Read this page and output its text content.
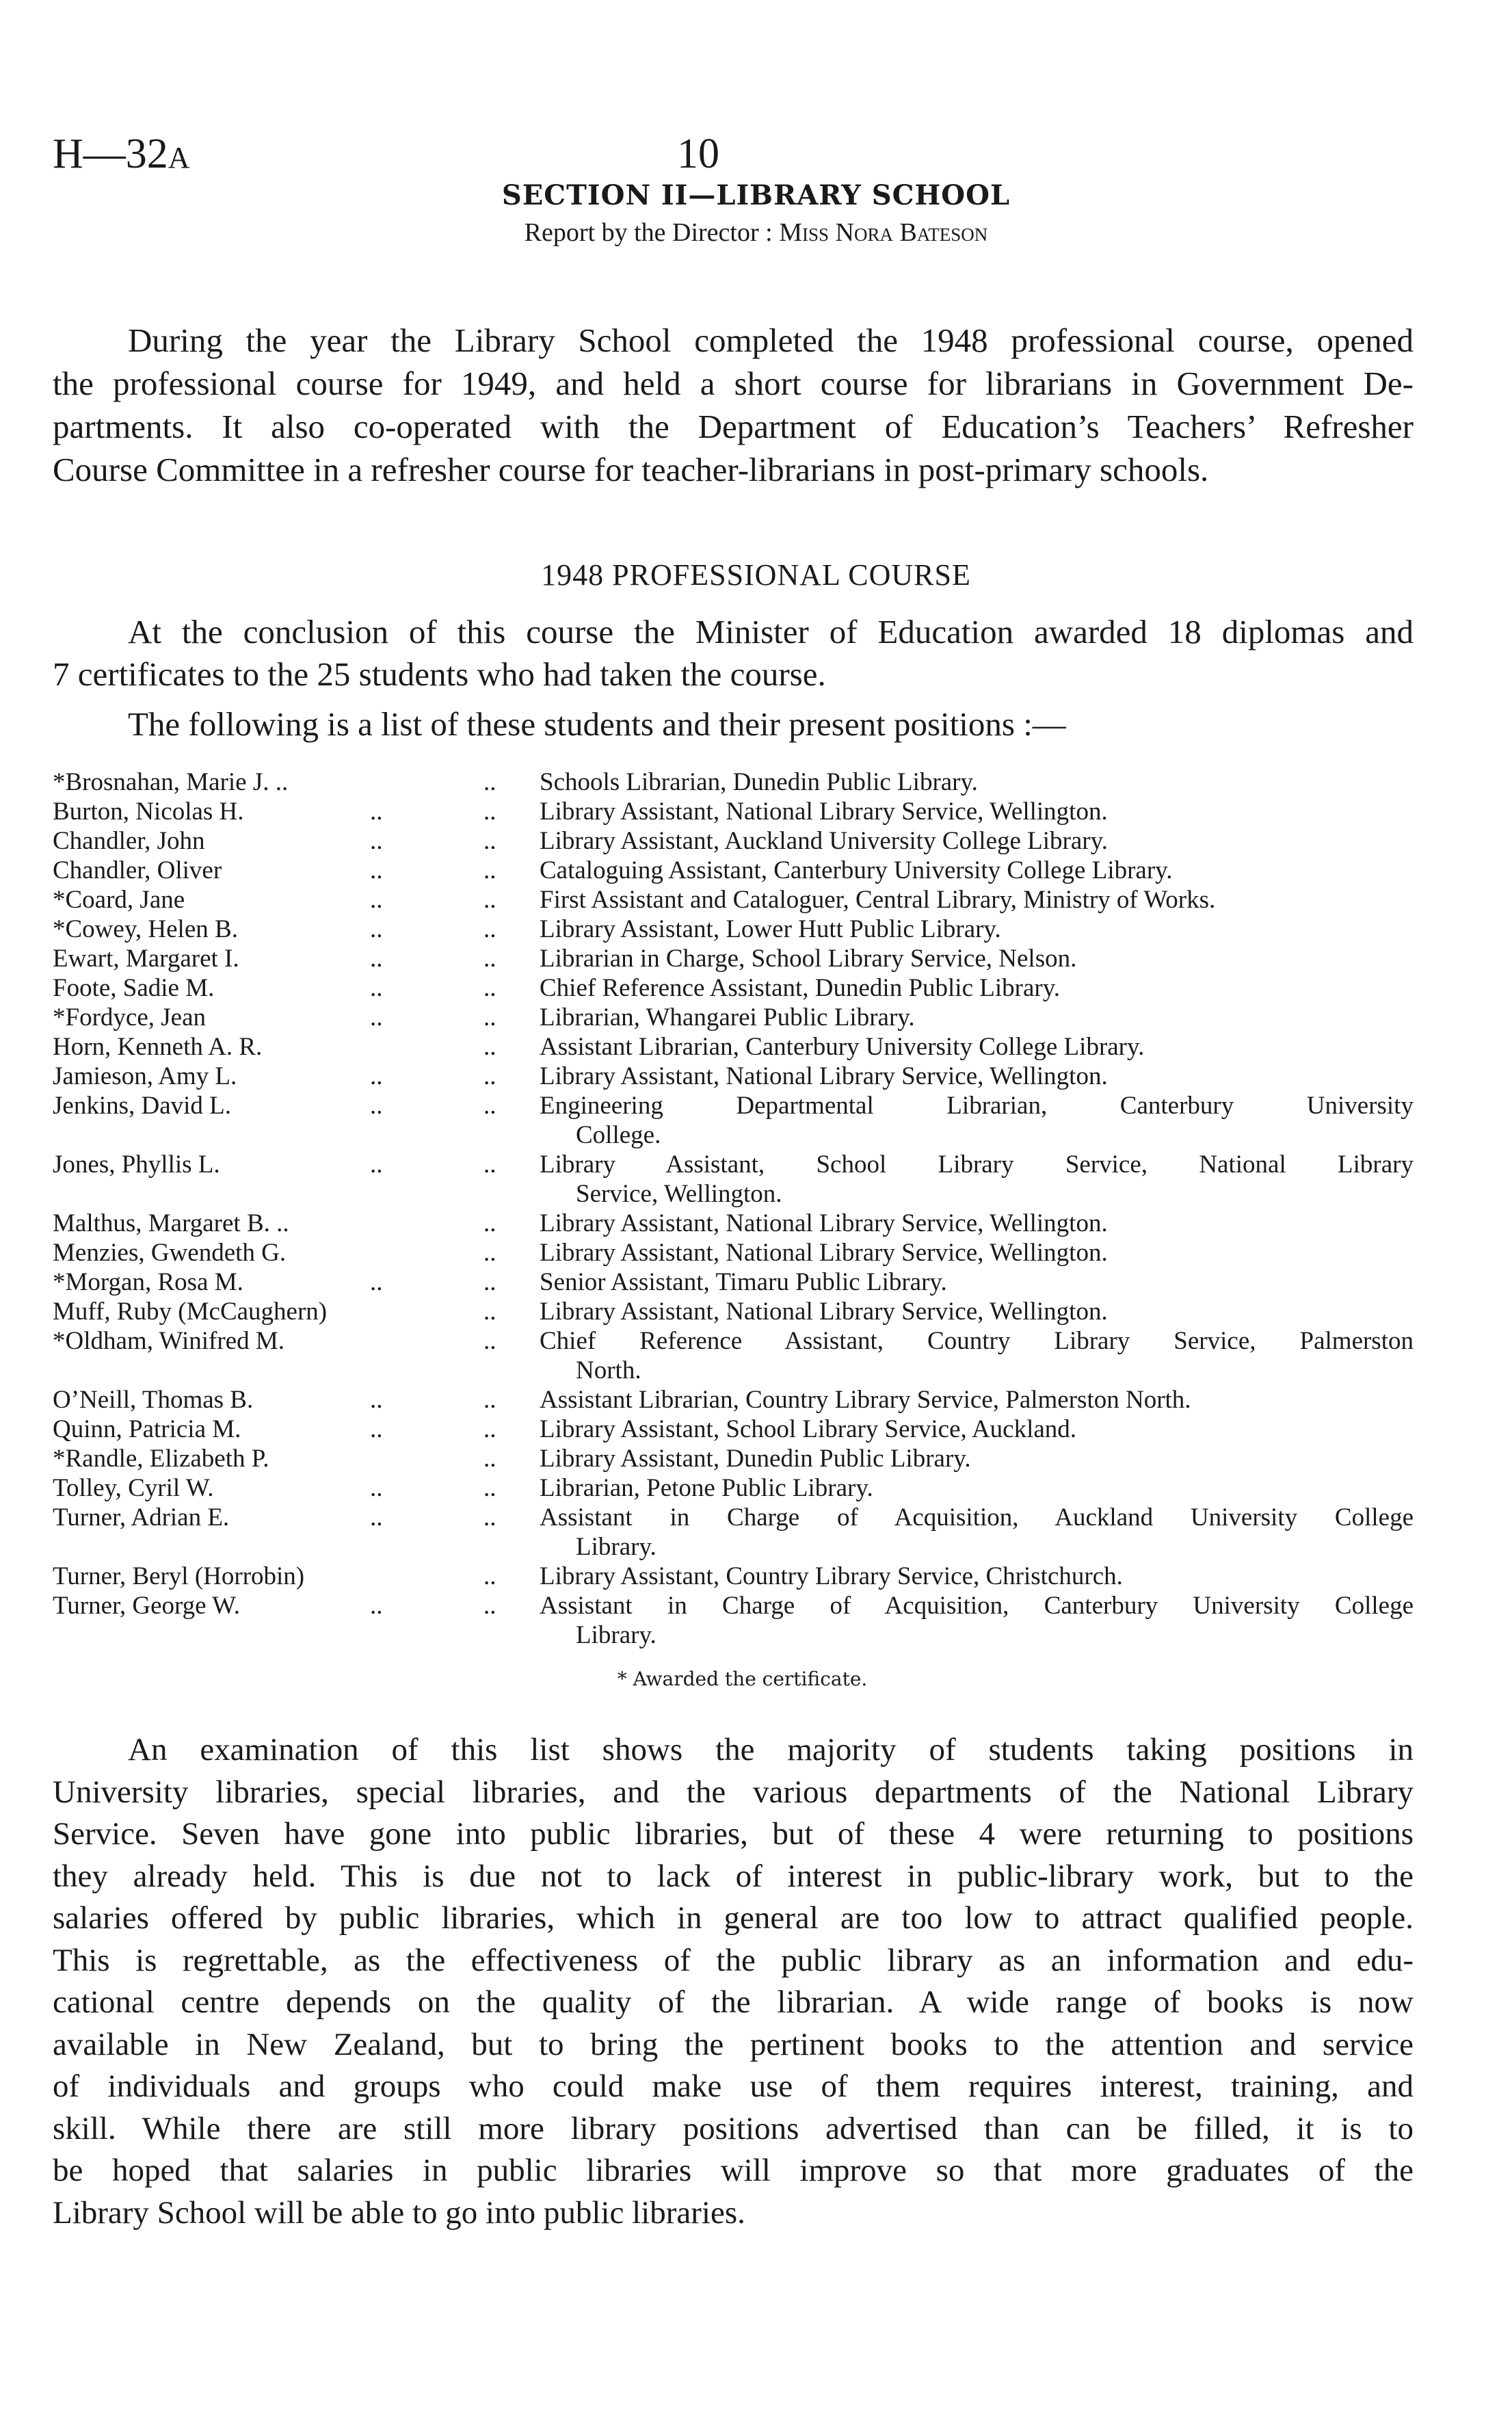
H—32A	10
SECTION II—LIBRARY SCHOOL
Report by the Director : Miss Nora Bateson
During the year the Library School completed the 1948 professional course, opened
the professional course for 1949, and held a short course for librarians in Government De-
partments. It also co-operated with the Department of Education’s Teachers’ Refresher
Course Committee in a refresher course for teacher-librarians in post-primary schools.
1948 PROFESSIONAL COURSE
At the conclusion of this course the Minister of Education awarded 18 diplomas and
7 certificates to the 25 students who had taken the course.
The following is a list of these students and their present positions :—
*Brosnahan, Marie J. ..	..	Schools Librarian, Dunedin Public Library.
Burton, Nicolas H.	..	..	Library Assistant, National Library Service, Wellington.
Chandler, John	..	..	Library Assistant, Auckland University College Library.
Chandler, Oliver	..	..	Cataloguing Assistant, Canterbury University College Library.
*Coard, Jane	..	..	First Assistant and Cataloguer, Central Library, Ministry of Works.
*Cowey, Helen B.	..	..	Library Assistant, Lower Hutt Public Library.
Ewart, Margaret I.	..	..	Librarian in Charge, School Library Service, Nelson.
Foote, Sadie M.	..	..	Chief Reference Assistant, Dunedin Public Library.
*Fordyce, Jean	..	..	Librarian, Whangarei Public Library.
Horn, Kenneth A. R.	..	Assistant Librarian, Canterbury University College Library.
Jamieson, Amy L.	..	..	Library Assistant, National Library Service, Wellington.
Jenkins, David L.	..	..	Engineering Departmental Librarian, Canterbury University
College.
Jones, Phyllis L.	..	..	Library Assistant, School Library Service, National Library
Service, Wellington.
Malthus, Margaret B. ..	..	Library Assistant, National Library Service, Wellington.
Menzies, Gwendeth G.	..	Library Assistant, National Library Service, Wellington.
*Morgan, Rosa M.	..	..	Senior Assistant, Timaru Public Library.
Muff, Ruby (McCaughern)	..	Library Assistant, National Library Service, Wellington.
*Oldham, Winifred M.	..	Chief Reference Assistant, Country Library Service, Palmerston
North.
O’Neill, Thomas B.	..	..	Assistant Librarian, Country Library Service, Palmerston North.
Quinn, Patricia M.	..	..	Library Assistant, School Library Service, Auckland.
*Randle, Elizabeth P.	..	Library Assistant, Dunedin Public Library.
Tolley, Cyril W.	..	..	Librarian, Petone Public Library.
Turner, Adrian E.	..	..	Assistant in Charge of Acquisition, Auckland University College
Library.
Turner, Beryl (Horrobin)	..	Library Assistant, Country Library Service, Christchurch.
Turner, George W.	..	..	Assistant in Charge of Acquisition, Canterbury University College
Library.
* Awarded the certificate.
An examination of this list shows the majority of students taking positions in
University libraries, special libraries, and the various departments of the National Library
Service. Seven have gone into public libraries, but of these 4 were returning to positions
they already held. This is due not to lack of interest in public-library work, but to the
salaries offered by public libraries, which in general are too low to attract qualified people.
This is regrettable, as the effectiveness of the public library as an information and edu-
cational centre depends on the quality of the librarian. A wide range of books is now
available in New Zealand, but to bring the pertinent books to the attention and service
of individuals and groups who could make use of them requires interest, training, and
skill. While there are still more library positions advertised than can be filled, it is to
be hoped that salaries in public libraries will improve so that more graduates of the
Library School will be able to go into public libraries.
